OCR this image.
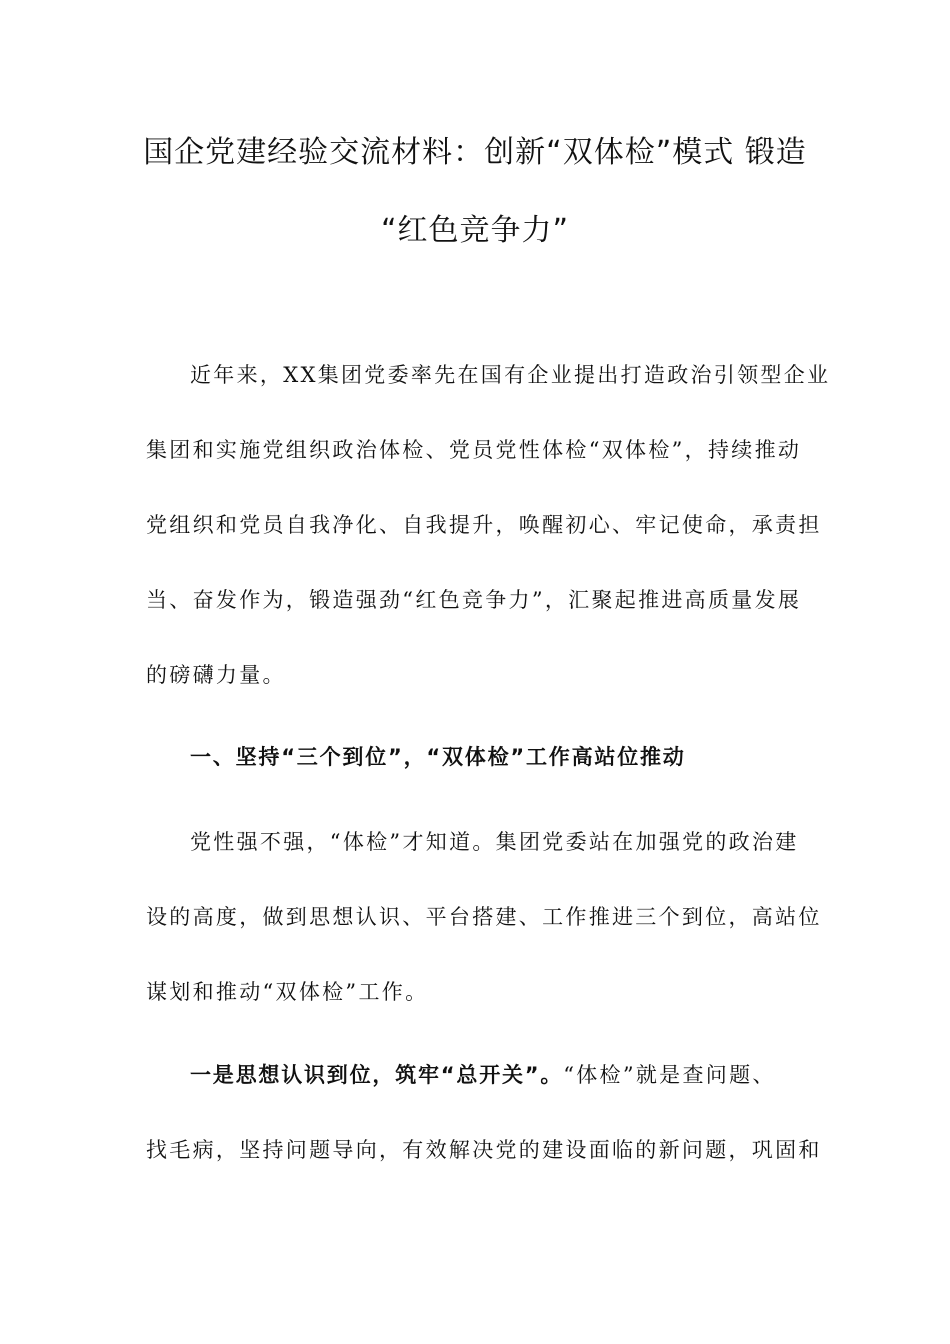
国企党建经验交流材料：创新“双体检”模式 锻造
“红色竞争力”

近年来，XX集团党委率先在国有企业提出打造政治引领型企业

集团和实施党组织政治体检、党员党性体检“双体检”，持续推动

党组织和党员自我净化、自我提升，唤醒初心、牢记使命，承责担

当、奋发作为，锻造强劲“红色竞争力”，汇聚起推进高质量发展

的磅礴力量。

一、坚持“三个到位”，“双体检”工作高站位推动

党性强不强，“体检”才知道。集团党委站在加强党的政治建

设的高度，做到思想认识、平台搭建、工作推进三个到位，高站位

谋划和推动“双体检”工作。

一是思想认识到位，筑牢“总开关”。“体检”就是查问题、

找毛病，坚持问题导向，有效解决党的建设面临的新问题，巩固和
